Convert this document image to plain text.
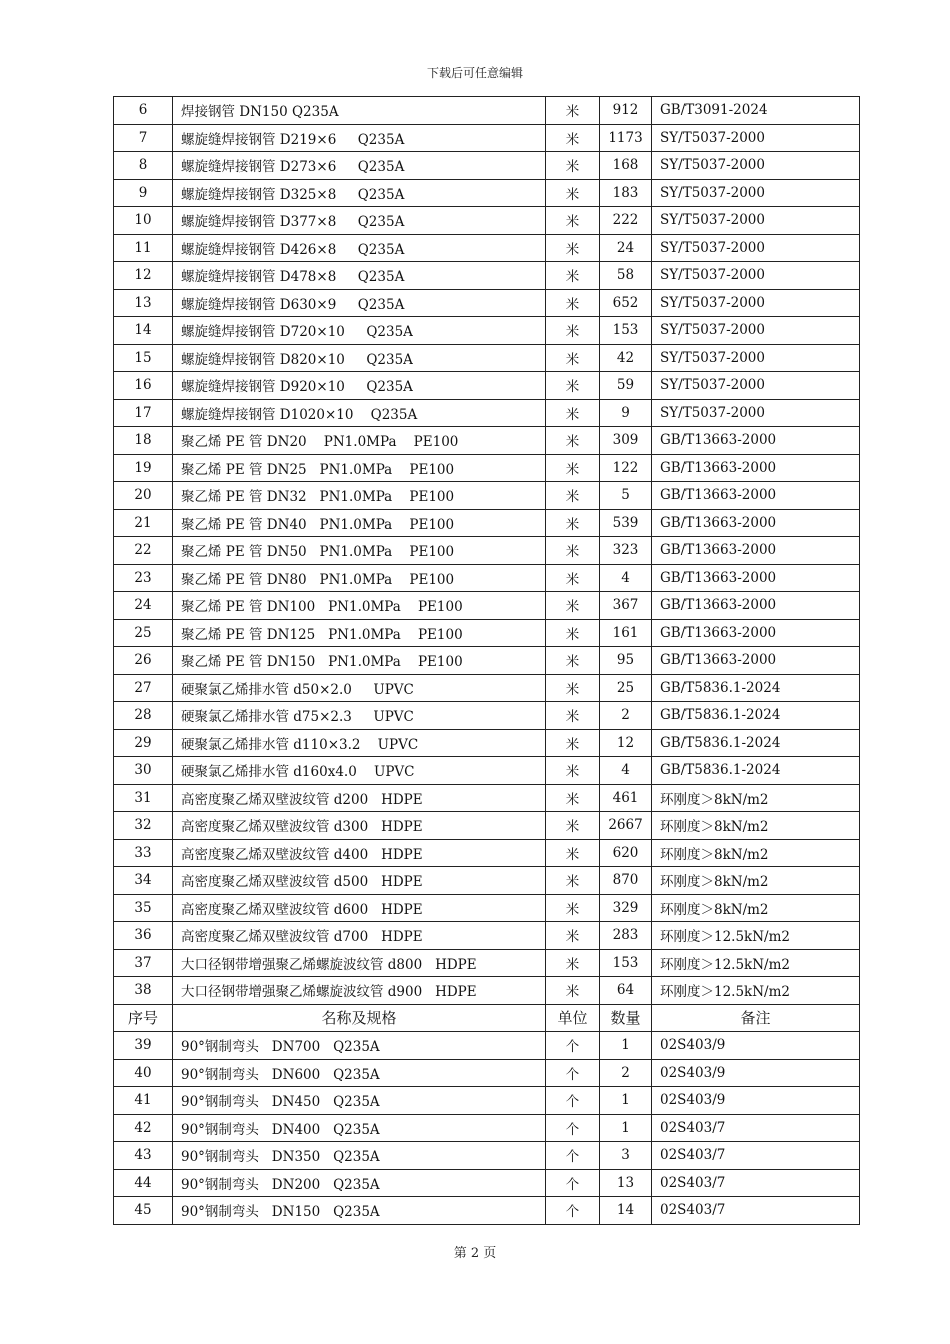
下载后可任意编辑
6	焊接钢管 DN150 Q235A	米	912	GB/T3091-2024
7	螺旋缝焊接钢管 D219×6     Q235A	米	1173	SY/T5037-2000
8	螺旋缝焊接钢管 D273×6     Q235A	米	168	SY/T5037-2000
9	螺旋缝焊接钢管 D325×8     Q235A	米	183	SY/T5037-2000
10	螺旋缝焊接钢管 D377×8     Q235A	米	222	SY/T5037-2000
11	螺旋缝焊接钢管 D426×8     Q235A	米	24	SY/T5037-2000
12	螺旋缝焊接钢管 D478×8     Q235A	米	58	SY/T5037-2000
13	螺旋缝焊接钢管 D630×9     Q235A	米	652	SY/T5037-2000
14	螺旋缝焊接钢管 D720×10     Q235A	米	153	SY/T5037-2000
15	螺旋缝焊接钢管 D820×10     Q235A	米	42	SY/T5037-2000
16	螺旋缝焊接钢管 D920×10     Q235A	米	59	SY/T5037-2000
17	螺旋缝焊接钢管 D1020×10    Q235A	米	9	SY/T5037-2000
18	聚乙烯 PE 管 DN20    PN1.0MPa    PE100	米	309	GB/T13663-2000
19	聚乙烯 PE 管 DN25   PN1.0MPa    PE100	米	122	GB/T13663-2000
20	聚乙烯 PE 管 DN32   PN1.0MPa    PE100	米	5	GB/T13663-2000
21	聚乙烯 PE 管 DN40   PN1.0MPa    PE100	米	539	GB/T13663-2000
22	聚乙烯 PE 管 DN50   PN1.0MPa    PE100	米	323	GB/T13663-2000
23	聚乙烯 PE 管 DN80   PN1.0MPa    PE100	米	4	GB/T13663-2000
24	聚乙烯 PE 管 DN100   PN1.0MPa    PE100	米	367	GB/T13663-2000
25	聚乙烯 PE 管 DN125   PN1.0MPa    PE100	米	161	GB/T13663-2000
26	聚乙烯 PE 管 DN150   PN1.0MPa    PE100	米	95	GB/T13663-2000
27	硬聚氯乙烯排水管 d50×2.0     UPVC	米	25	GB/T5836.1-2024
28	硬聚氯乙烯排水管 d75×2.3     UPVC	米	2	GB/T5836.1-2024
29	硬聚氯乙烯排水管 d110×3.2    UPVC	米	12	GB/T5836.1-2024
30	硬聚氯乙烯排水管 d160x4.0    UPVC	米	4	GB/T5836.1-2024
31	高密度聚乙烯双壁波纹管 d200   HDPE	米	461	环刚度＞8kN/m2
32	高密度聚乙烯双壁波纹管 d300   HDPE	米	2667	环刚度＞8kN/m2
33	高密度聚乙烯双壁波纹管 d400   HDPE	米	620	环刚度＞8kN/m2
34	高密度聚乙烯双壁波纹管 d500   HDPE	米	870	环刚度＞8kN/m2
35	高密度聚乙烯双壁波纹管 d600   HDPE	米	329	环刚度＞8kN/m2
36	高密度聚乙烯双壁波纹管 d700   HDPE	米	283	环刚度＞12.5kN/m2
37	大口径钢带增强聚乙烯螺旋波纹管 d800   HDPE	米	153	环刚度＞12.5kN/m2
38	大口径钢带增强聚乙烯螺旋波纹管 d900   HDPE	米	64	环刚度＞12.5kN/m2
序号	名称及规格	单位	数量	备注
39	90°钢制弯头   DN700   Q235A	个	1	02S403/9
40	90°钢制弯头   DN600   Q235A	个	2	02S403/9
41	90°钢制弯头   DN450   Q235A	个	1	02S403/9
42	90°钢制弯头   DN400   Q235A	个	1	02S403/7
43	90°钢制弯头   DN350   Q235A	个	3	02S403/7
44	90°钢制弯头   DN200   Q235A	个	13	02S403/7
45	90°钢制弯头   DN150   Q235A	个	14	02S403/7
第 2 页
